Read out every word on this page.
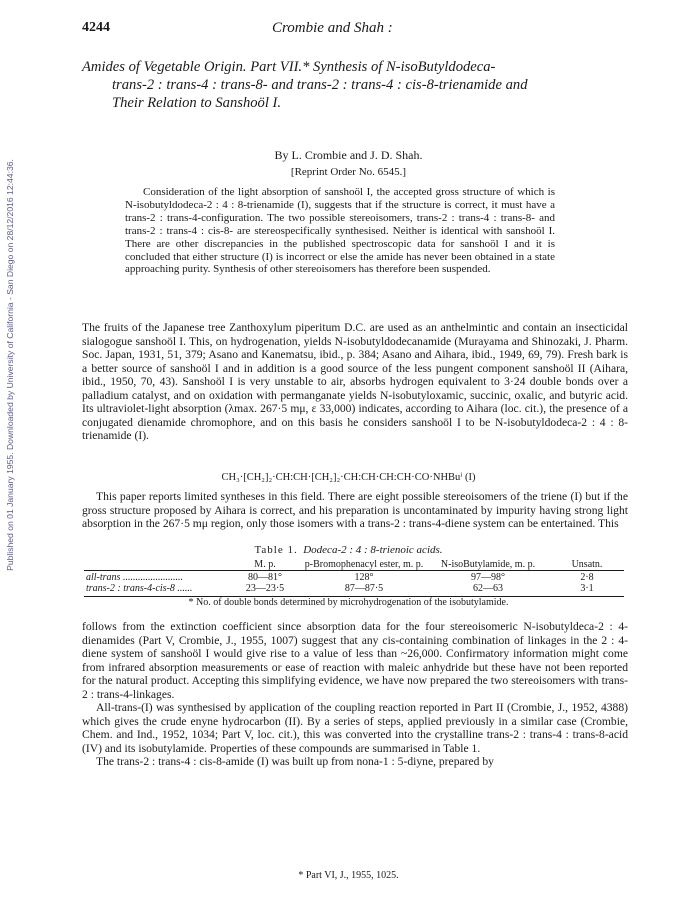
Published on 01 January 1955. Downloaded by University of California - San Diego on 28/12/2016 12:44:36.
4244	Crombie and Shah :
Amides of Vegetable Origin. Part VII.* Synthesis of N-isoButyldodeca-
trans-2 : trans-4 : trans-8- and trans-2 : trans-4 : cis-8-trienamide and
Their Relation to Sanshoöl I.
By L. Crombie and J. D. Shah.
[Reprint Order No. 6545.]

Consideration of the light absorption of sanshoöl I, the accepted gross structure of which is N-isobutyldodeca-2 : 4 : 8-trienamide (I), suggests that if the structure is correct, it must have a trans-2 : trans-4-configuration. The two possible stereoisomers, trans-2 : trans-4 : trans-8- and trans-2 : trans-4 : cis-8- are stereospecifically synthesised. Neither is identical with sanshoöl I. There are other discrepancies in the published spectroscopic data for sanshoöl I and it is concluded that either structure (I) is incorrect or else the amide has never been obtained in a state approaching purity. Synthesis of other stereoisomers has therefore been suspended.

The fruits of the Japanese tree Zanthoxylum piperitum D.C. are used as an anthelmintic and contain an insecticidal sialogogue sanshoöl I. This, on hydrogenation, yields N-isobutyldodecanamide (Murayama and Shinozaki, J. Pharm. Soc. Japan, 1931, 51, 379; Asano and Kanematsu, ibid., p. 384; Asano and Aihara, ibid., 1949, 69, 79). Fresh bark is a better source of sanshoöl I and in addition is a good source of the less pungent component sanshoöl II (Aihara, ibid., 1950, 70, 43). Sanshoöl I is very unstable to air, absorbs hydrogen equivalent to 3·24 double bonds over a palladium catalyst, and on oxidation with permanganate yields N-isobutyloxamic, succinic, oxalic, and butyric acid. Its ultraviolet-light absorption (λmax. 267·5 mμ, ε 33,000) indicates, according to Aihara (loc. cit.), the presence of a conjugated dienamide chromophore, and on this basis he considers sanshoöl I to be N-isobutyldodeca-2 : 4 : 8-trienamide (I).

CH₃·[CH₂]₂·CH:CH·[CH₂]₂·CH:CH·CH:CH·CO·NHBuⁱ (I)

This paper reports limited syntheses in this field. There are eight possible stereoisomers of the triene (I) but if the gross structure proposed by Aihara is correct, and his preparation is uncontaminated by impurity having strong light absorption in the 267·5 mμ region, only those isomers with a trans-2 : trans-4-diene system can be entertained. This

Table 1. Dodeca-2 : 4 : 8-trienoic acids.
	M. p.	p-Bromophenacyl ester, m. p.	N-isoButylamide, m. p.	Unsatn.
all-trans ........................	80—81°	128°	97—98°	2·8
trans-2 : trans-4-cis-8 ......	23—23·5	87—87·5	62—63	3·1
* No. of double bonds determined by microhydrogenation of the isobutylamide.

follows from the extinction coefficient since absorption data for the four stereoisomeric N-isobutyldeca-2 : 4-dienamides (Part V, Crombie, J., 1955, 1007) suggest that any cis-containing combination of linkages in the 2 : 4-diene system of sanshoöl I would give rise to a value of less than ~26,000. Confirmatory information might come from infrared absorption measurements or ease of reaction with maleic anhydride but these have not been reported for the natural product. Accepting this simplifying evidence, we have now prepared the two stereoisomers with trans-2 : trans-4-linkages.

All-trans-(I) was synthesised by application of the coupling reaction reported in Part II (Crombie, J., 1952, 4388) which gives the crude enyne hydrocarbon (II). By a series of steps, applied previously in a similar case (Crombie, Chem. and Ind., 1952, 1034; Part V, loc. cit.), this was converted into the crystalline trans-2 : trans-4 : trans-8-acid (IV) and its isobutylamide. Properties of these compounds are summarised in Table 1.

The trans-2 : trans-4 : cis-8-amide (I) was built up from nona-1 : 5-diyne, prepared by

* Part VI, J., 1955, 1025.
